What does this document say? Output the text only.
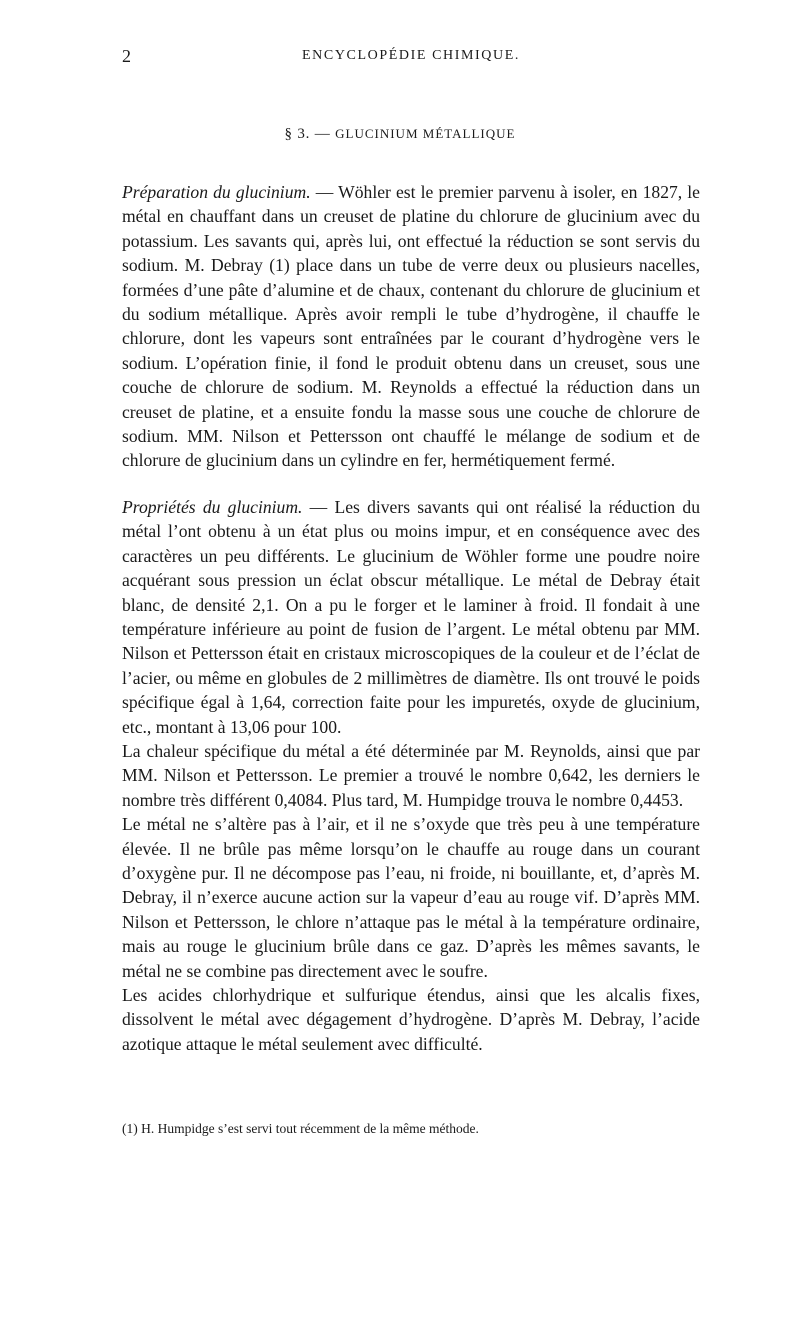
2	ENCYCLOPÉDIE CHIMIQUE.
§ 3. — GLUCINIUM MÉTALLIQUE

Préparation du glucinium. — Wöhler est le premier parvenu à isoler, en 1827, le métal en chauffant dans un creuset de platine du chlorure de glucinium avec du potassium. Les savants qui, après lui, ont effectué la réduction se sont servis du sodium. M. Debray (1) place dans un tube de verre deux ou plusieurs nacelles, formées d’une pâte d’alumine et de chaux, contenant du chlorure de glucinium et du sodium métallique. Après avoir rempli le tube d’hydrogène, il chauffe le chlorure, dont les vapeurs sont entraînées par le courant d’hydrogène vers le sodium. L’opération finie, il fond le produit obtenu dans un creuset, sous une couche de chlorure de sodium. M. Reynolds a effectué la réduction dans un creuset de platine, et a ensuite fondu la masse sous une couche de chlorure de sodium. MM. Nilson et Pettersson ont chauffé le mélange de sodium et de chlorure de glucinium dans un cylindre en fer, hermétiquement fermé.

Propriétés du glucinium. — Les divers savants qui ont réalisé la réduction du métal l’ont obtenu à un état plus ou moins impur, et en conséquence avec des caractères un peu différents. Le glucinium de Wöhler forme une poudre noire acquérant sous pression un éclat obscur métallique. Le métal de Debray était blanc, de densité 2,1. On a pu le forger et le laminer à froid. Il fondait à une température inférieure au point de fusion de l’argent. Le métal obtenu par MM. Nilson et Pettersson était en cristaux microscopiques de la couleur et de l’éclat de l’acier, ou même en globules de 2 millimètres de diamètre. Ils ont trouvé le poids spécifique égal à 1,64, correction faite pour les impuretés, oxyde de glucinium, etc., montant à 13,06 pour 100.

La chaleur spécifique du métal a été déterminée par M. Reynolds, ainsi que par MM. Nilson et Pettersson. Le premier a trouvé le nombre 0,642, les derniers le nombre très différent 0,4084. Plus tard, M. Humpidge trouva le nombre 0,4453.

Le métal ne s’altère pas à l’air, et il ne s’oxyde que très peu à une température élevée. Il ne brûle pas même lorsqu’on le chauffe au rouge dans un courant d’oxygène pur. Il ne décompose pas l’eau, ni froide, ni bouillante, et, d’après M. Debray, il n’exerce aucune action sur la vapeur d’eau au rouge vif. D’après MM. Nilson et Pettersson, le chlore n’attaque pas le métal à la température ordinaire, mais au rouge le glucinium brûle dans ce gaz. D’après les mêmes savants, le métal ne se combine pas directement avec le soufre.

Les acides chlorhydrique et sulfurique étendus, ainsi que les alcalis fixes, dissolvent le métal avec dégagement d’hydrogène. D’après M. Debray, l’acide azotique attaque le métal seulement avec difficulté.

(1) H. Humpidge s’est servi tout récemment de la même méthode.
